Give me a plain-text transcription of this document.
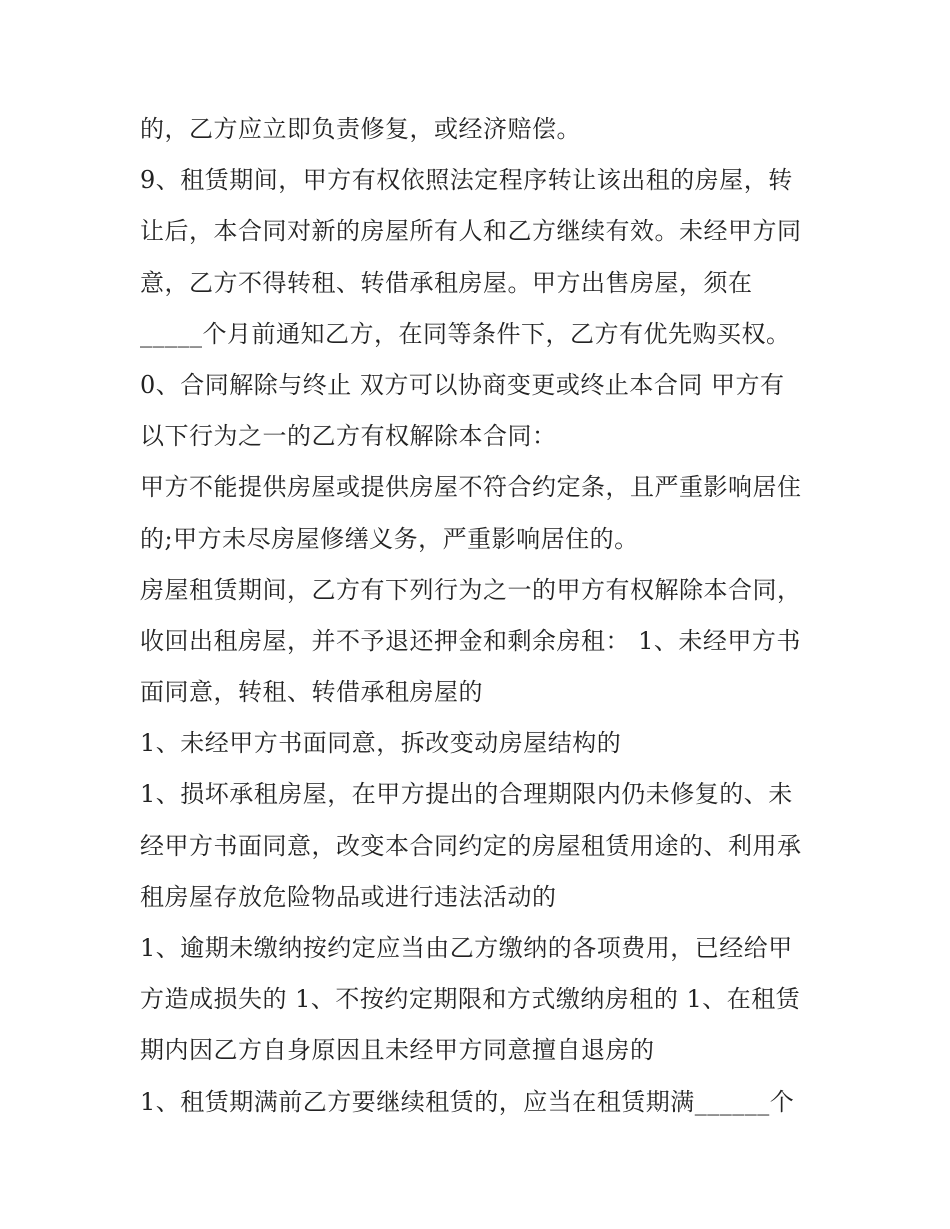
的，乙方应立即负责修复，或经济赔偿。

9、租赁期间，甲方有权依照法定程序转让该出租的房屋，转

让后，本合同对新的房屋所有人和乙方继续有效。未经甲方同

意，乙方不得转租、转借承租房屋。甲方出售房屋，须在

_____个月前通知乙方，在同等条件下，乙方有优先购买权。

0、合同解除与终止 双方可以协商变更或终止本合同 甲方有

以下行为之一的乙方有权解除本合同：

甲方不能提供房屋或提供房屋不符合约定条，且严重影响居住

的;甲方未尽房屋修缮义务，严重影响居住的。

房屋租赁期间，乙方有下列行为之一的甲方有权解除本合同，

收回出租房屋，并不予退还押金和剩余房租： 1、未经甲方书

面同意，转租、转借承租房屋的

1、未经甲方书面同意，拆改变动房屋结构的

1、损坏承租房屋，在甲方提出的合理期限内仍未修复的、未

经甲方书面同意，改变本合同约定的房屋租赁用途的、利用承

租房屋存放危险物品或进行违法活动的

1、逾期未缴纳按约定应当由乙方缴纳的各项费用，已经给甲

方造成损失的 1、不按约定期限和方式缴纳房租的 1、在租赁

期内因乙方自身原因且未经甲方同意擅自退房的

1、租赁期满前乙方要继续租赁的，应当在租赁期满______个
